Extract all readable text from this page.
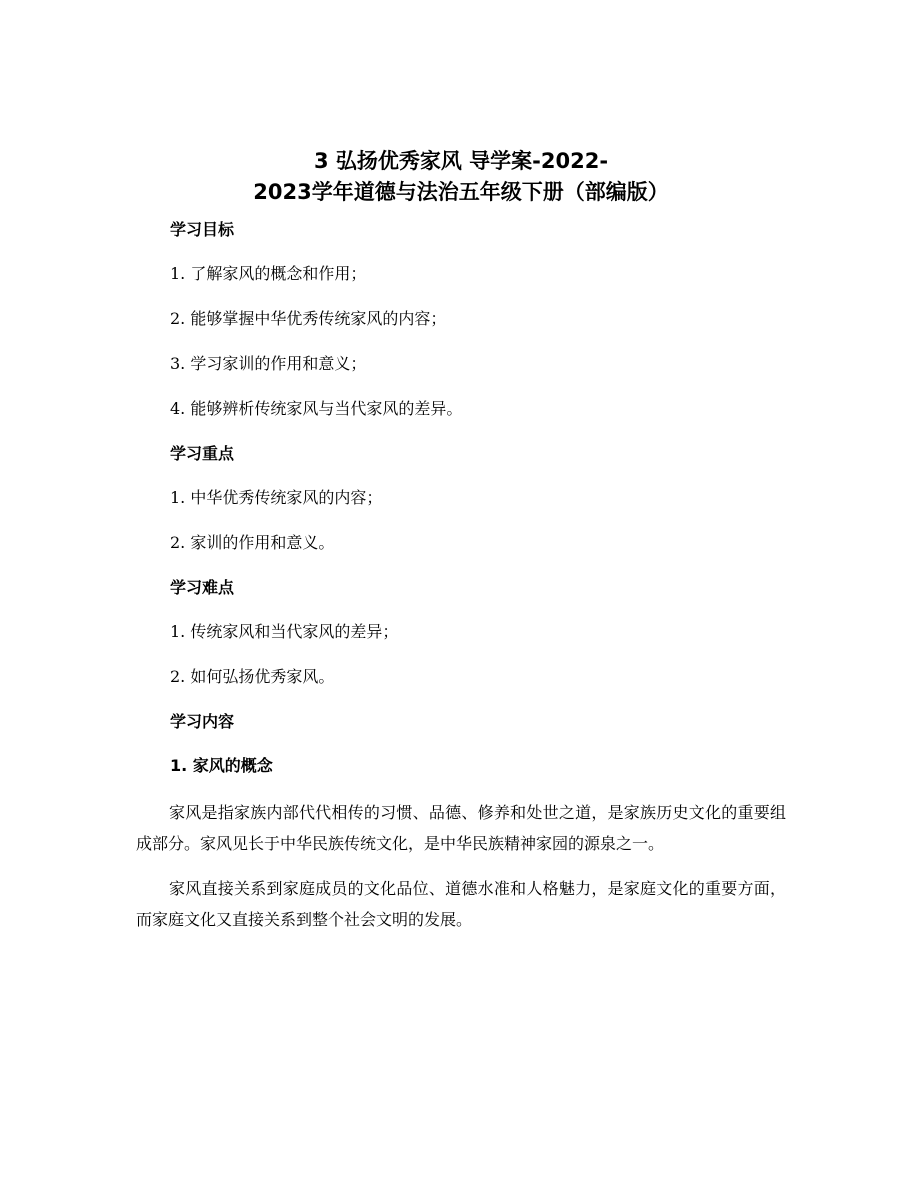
3 弘扬优秀家风 导学案-2022-
2023学年道德与法治五年级下册（部编版）

学习目标

1. 了解家风的概念和作用；

2. 能够掌握中华优秀传统家风的内容；

3. 学习家训的作用和意义；

4. 能够辨析传统家风与当代家风的差异。

学习重点

1. 中华优秀传统家风的内容；

2. 家训的作用和意义。

学习难点

1. 传统家风和当代家风的差异；

2. 如何弘扬优秀家风。

学习内容

1. 家风的概念

家风是指家族内部代代相传的习惯、品德、修养和处世之道，是家族历史文化的重要组成部分。家风见长于中华民族传统文化，是中华民族精神家园的源泉之一。

家风直接关系到家庭成员的文化品位、道德水准和人格魅力，是家庭文化的重要方面，而家庭文化又直接关系到整个社会文明的发展。
